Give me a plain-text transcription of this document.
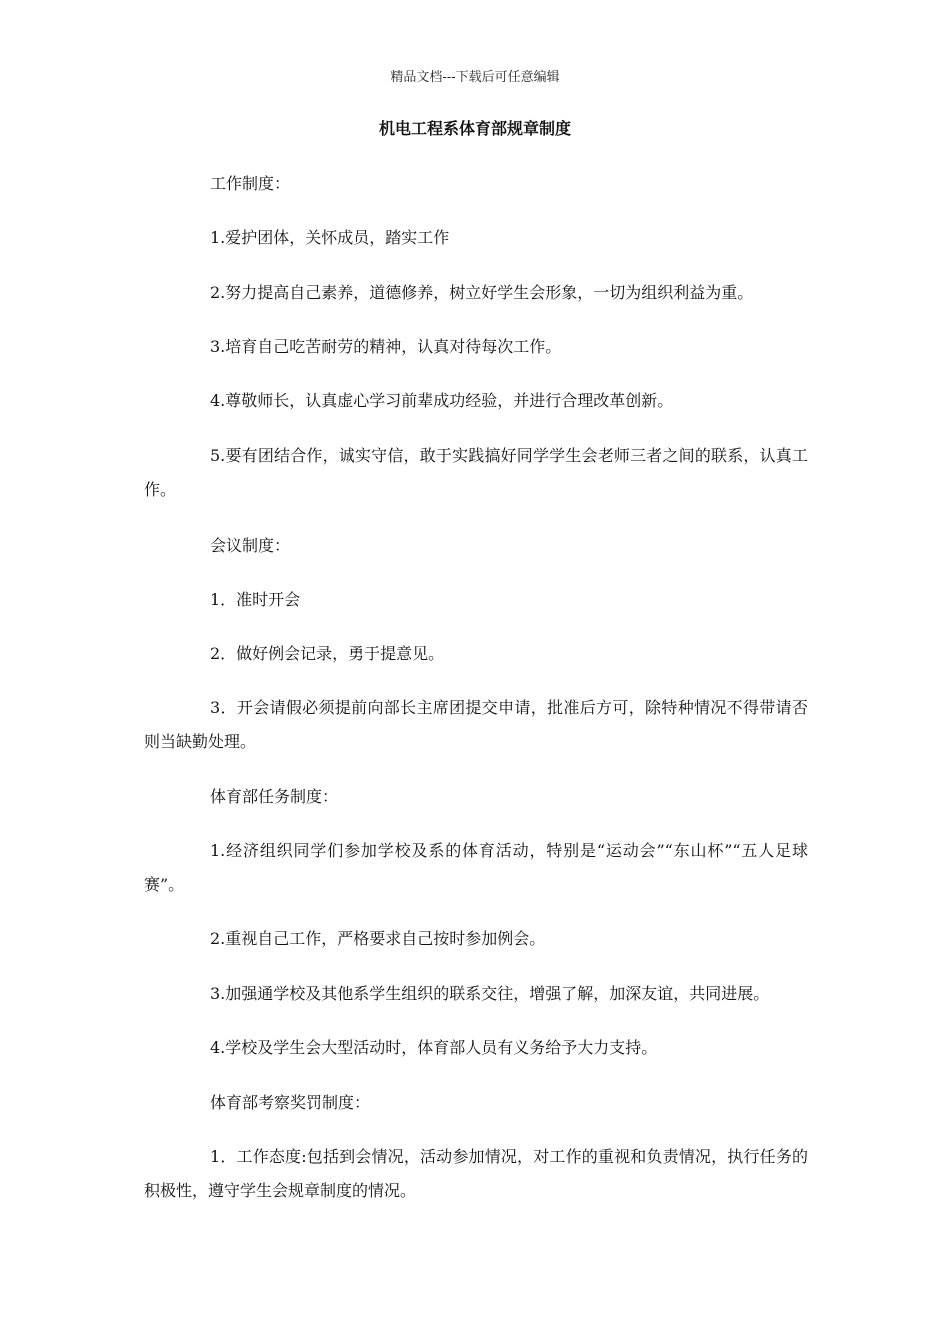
精品文档---下载后可任意编辑
机电工程系体育部规章制度

工作制度：

1.爱护团体，关怀成员，踏实工作

2.努力提高自己素养，道德修养，树立好学生会形象，一切为组织利益为重。

3.培育自己吃苦耐劳的精神，认真对待每次工作。

4.尊敬师长，认真虚心学习前辈成功经验，并进行合理改革创新。

5.要有团结合作，诚实守信，敢于实践搞好同学学生会老师三者之间的联系，认真工作。

会议制度：

1．准时开会

2．做好例会记录，勇于提意见。

3．开会请假必须提前向部长主席团提交申请，批准后方可，除特种情况不得带请否则当缺勤处理。

体育部任务制度：

1.经济组织同学们参加学校及系的体育活动，特别是“运动会”“东山杯”“五人足球赛”。

2.重视自己工作，严格要求自己按时参加例会。

3.加强通学校及其他系学生组织的联系交往，增强了解，加深友谊，共同进展。

4.学校及学生会大型活动时，体育部人员有义务给予大力支持。

体育部考察奖罚制度：

1．工作态度:包括到会情况，活动参加情况，对工作的重视和负责情况，执行任务的积极性，遵守学生会规章制度的情况。
